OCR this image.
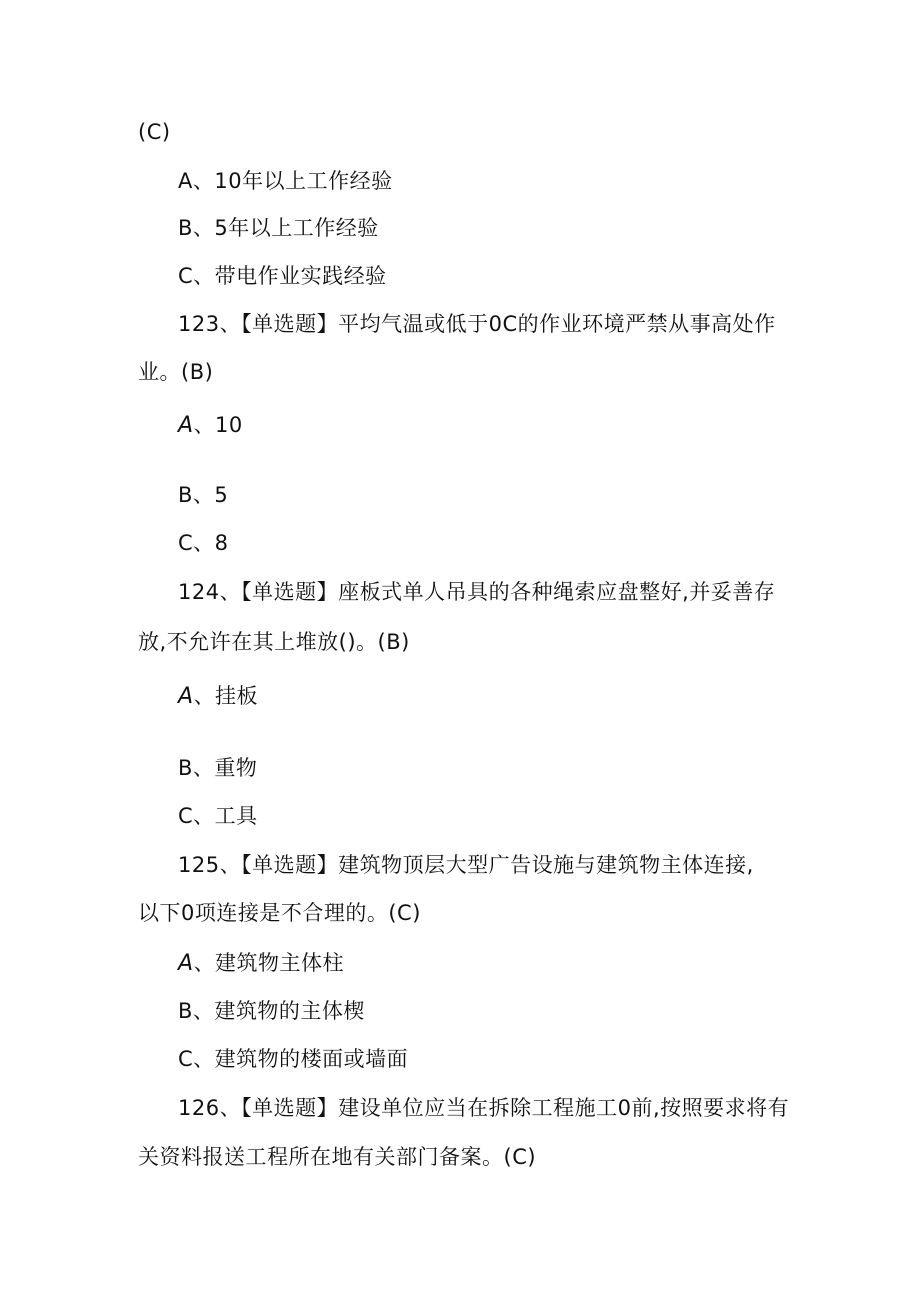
(C)
A、10年以上工作经验
B、5年以上工作经验
C、带电作业实践经验
123、【单选题】平均气温或低于0C的作业环境严禁从事高处作
业。(B)
A、10
B、5
C、8
124、【单选题】座板式单人吊具的各种绳索应盘整好,并妥善存
放,不允许在其上堆放()。(B)
A、挂板
B、重物
C、工具
125、【单选题】建筑物顶层大型广告设施与建筑物主体连接,
以下0项连接是不合理的。(C)
A、建筑物主体柱
B、建筑物的主体楔
C、建筑物的楼面或墙面
126、【单选题】建设单位应当在拆除工程施工0前,按照要求将有
关资料报送工程所在地有关部门备案。(C)
